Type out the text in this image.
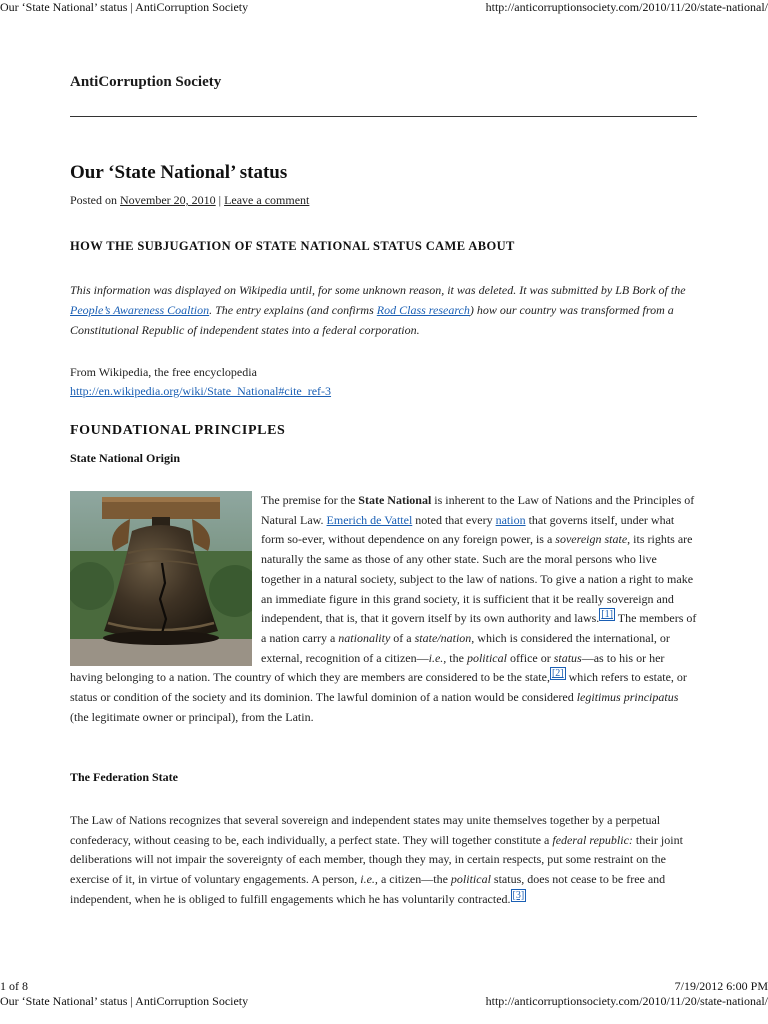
Our ‘State National’ status | AntiCorruption Society	http://anticorruptionsociety.com/2010/11/20/state-national/
AntiCorruption Society
Our ‘State National’ status
Posted on November 20, 2010 | Leave a comment
HOW THE SUBJUGATION OF STATE NATIONAL STATUS CAME ABOUT

This information was displayed on Wikipedia until, for some unknown reason, it was deleted. It was submitted by LB Bork of the People’s Awareness Coaltion. The entry explains (and confirms Rod Class research) how our country was transformed from a Constitutional Republic of independent states into a federal corporation.

From Wikipedia, the free encyclopedia
http://en.wikipedia.org/wiki/State_National#cite_ref-3

FOUNDATIONAL PRINCIPLES
State National Origin

The premise for the State National is inherent to the Law of Nations and the Principles of Natural Law. Emerich de Vattel noted that every nation that governs itself, under what form so-ever, without dependence on any foreign power, is a sovereign state, its rights are naturally the same as those of any other state. Such are the moral persons who live together in a natural society, subject to the law of nations. To give a nation a right to make an immediate figure in this grand society, it is sufficient that it be really sovereign and independent, that is, that it govern itself by its own authority and laws. [1] The members of a nation carry a nationality of a state/nation, which is considered the international, or external, recognition of a citizen—i.e., the political office or status—as to his or her having belonging to a nation. The country of which they are members are considered to be the state, [2] which refers to estate, or status or condition of the society and its dominion. The lawful dominion of a nation would be considered legitimus principatus (the legitimate owner or principal), from the Latin.

The Federation State

The Law of Nations recognizes that several sovereign and independent states may unite themselves together by a perpetual confederacy, without ceasing to be, each individually, a perfect state. They will together constitute a federal republic: their joint deliberations will not impair the sovereignty of each member, though they may, in certain respects, put some restraint on the exercise of it, in virtue of voluntary engagements. A person, i.e., a citizen—the political status, does not cease to be free and independent, when he is obliged to fulfill engagements which he has voluntarily contracted. [3]

1 of 8	7/19/2012 6:00 PM
Our ‘State National’ status | AntiCorruption Society	http://anticorruptionsociety.com/2010/11/20/state-national/
